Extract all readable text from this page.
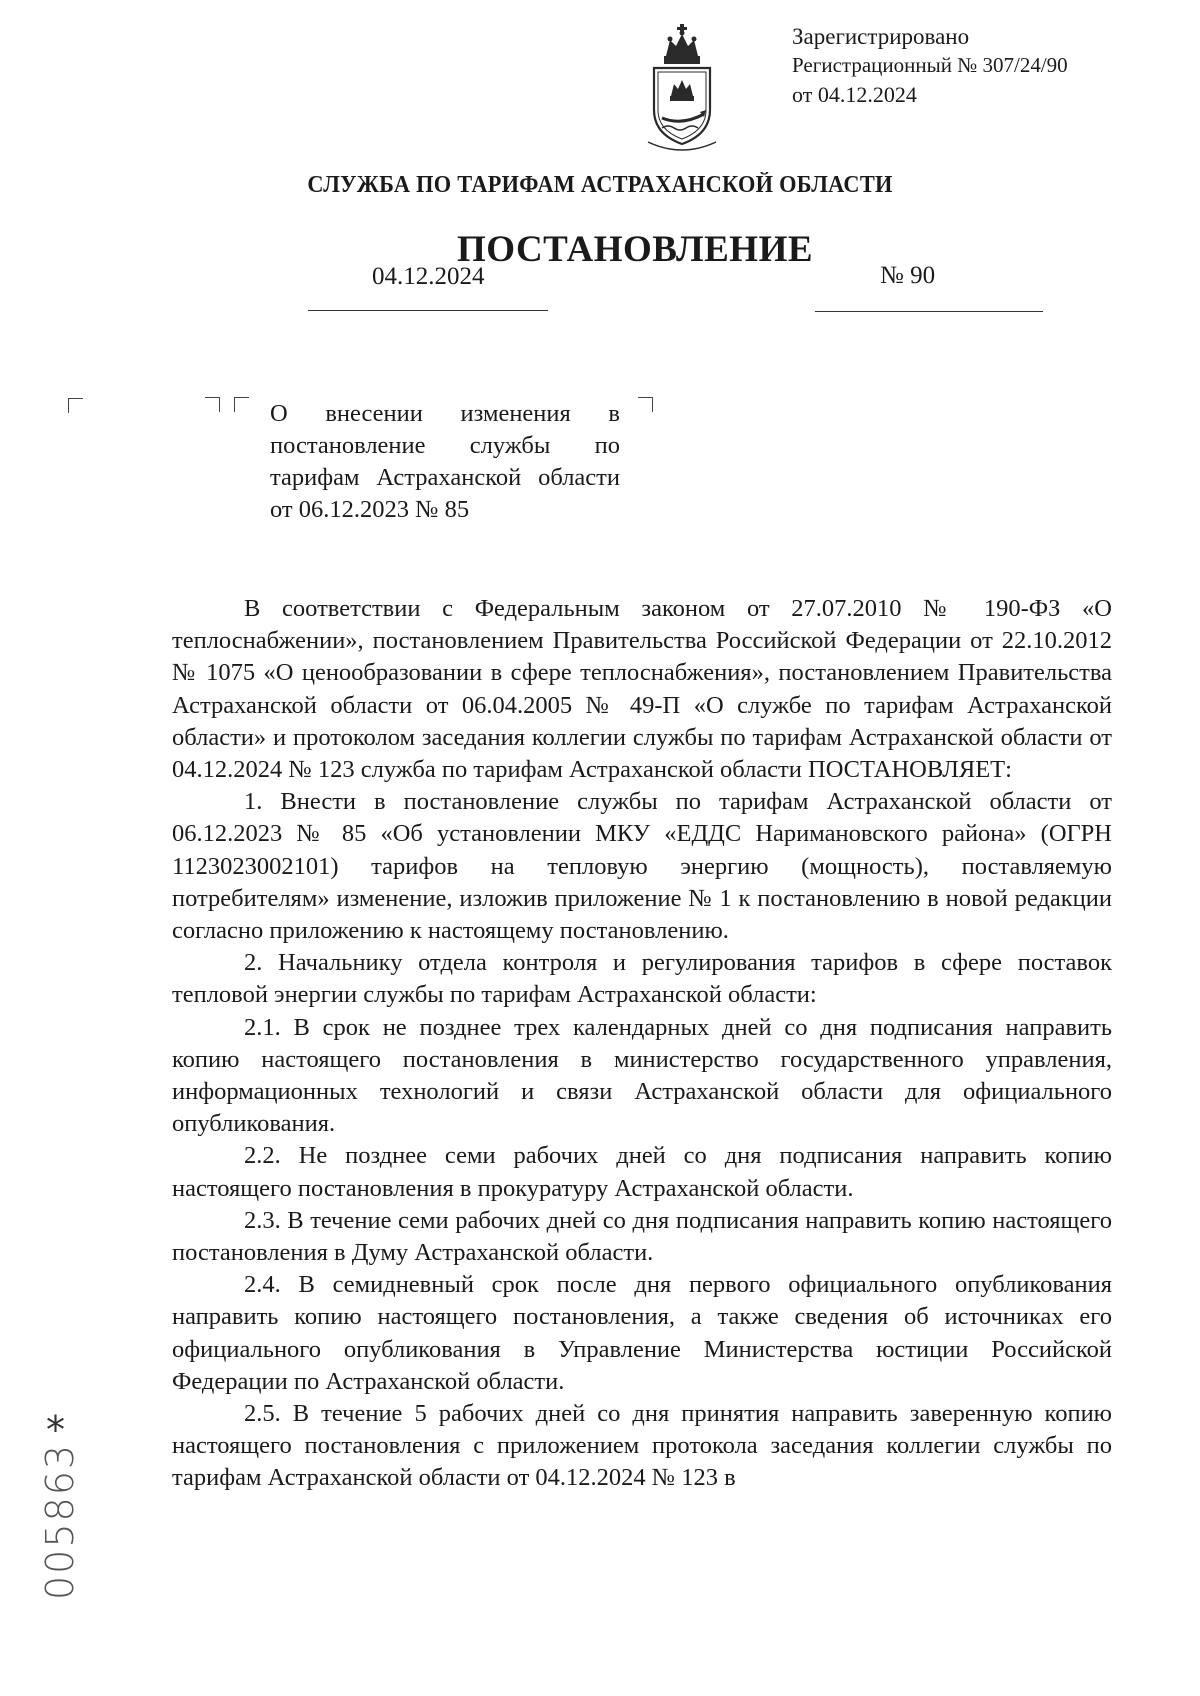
Зарегистрировано
Регистрационный № 307/24/90
от 04.12.2024
СЛУЖБА ПО ТАРИФАМ АСТРАХАНСКОЙ ОБЛАСТИ
ПОСТАНОВЛЕНИЕ
04.12.2024	№ 90
О внесении изменения в постановление службы по тарифам Астраханской области от 06.12.2023 № 85

В соответствии с Федеральным законом от 27.07.2010 № 190-ФЗ «О теплоснабжении», постановлением Правительства Российской Федерации от 22.10.2012 № 1075 «О ценообразовании в сфере теплоснабжения», постановлением Правительства Астраханской области от 06.04.2005 № 49-П «О службе по тарифам Астраханской области» и протоколом заседания коллегии службы по тарифам Астраханской области от 04.12.2024 № 123 служба по тарифам Астраханской области ПОСТАНОВЛЯЕТ:

1. Внести в постановление службы по тарифам Астраханской области от 06.12.2023 № 85 «Об установлении МКУ «ЕДДС Наримановского района» (ОГРН 1123023002101) тарифов на тепловую энергию (мощность), поставляемую потребителям» изменение, изложив приложение № 1 к постановлению в новой редакции согласно приложению к настоящему постановлению.

2. Начальнику отдела контроля и регулирования тарифов в сфере поставок тепловой энергии службы по тарифам Астраханской области:

2.1. В срок не позднее трех календарных дней со дня подписания направить копию настоящего постановления в министерство государственного управления, информационных технологий и связи Астраханской области для официального опубликования.

2.2. Не позднее семи рабочих дней со дня подписания направить копию настоящего постановления в прокуратуру Астраханской области.

2.3. В течение семи рабочих дней со дня подписания направить копию настоящего постановления в Думу Астраханской области.

2.4. В семидневный срок после дня первого официального опубликования направить копию настоящего постановления, а также сведения об источниках его официального опубликования в Управление Министерства юстиции Российской Федерации по Астраханской области.

2.5. В течение 5 рабочих дней со дня принятия направить заверенную копию настоящего постановления с приложением протокола заседания коллегии службы по тарифам Астраханской области от 04.12.2024 № 123 в

*
005863
